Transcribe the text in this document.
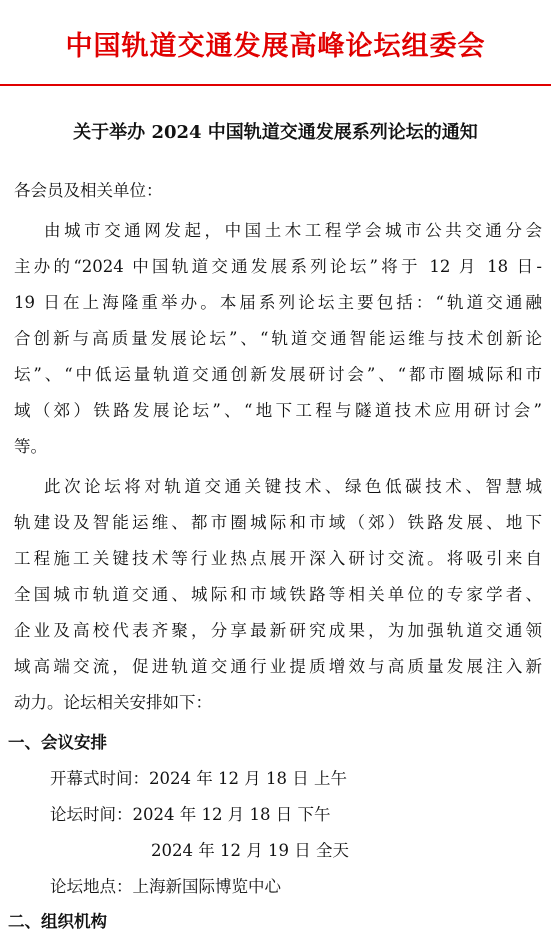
中国轨道交通发展高峰论坛组委会
关于举办 2024 中国轨道交通发展系列论坛的通知
各会员及相关单位：
由城市交通网发起，中国土木工程学会城市公共交通分会
主办的“2024 中国轨道交通发展系列论坛”将于 12 月 18 日-
19 日在上海隆重举办。本届系列论坛主要包括：“轨道交通融
合创新与高质量发展论坛”、“轨道交通智能运维与技术创新论
坛”、“中低运量轨道交通创新发展研讨会”、“都市圈城际和市
域（郊）铁路发展论坛”、“地下工程与隧道技术应用研讨会”
等。
此次论坛将对轨道交通关键技术、绿色低碳技术、智慧城
轨建设及智能运维、都市圈城际和市域（郊）铁路发展、地下
工程施工关键技术等行业热点展开深入研讨交流。将吸引来自
全国城市轨道交通、城际和市域铁路等相关单位的专家学者、
企业及高校代表齐聚，分享最新研究成果，为加强轨道交通领
域高端交流，促进轨道交通行业提质增效与高质量发展注入新
动力。论坛相关安排如下：
一、会议安排
开幕式时间：2024 年 12 月 18 日 上午
论坛时间：2024 年 12 月 18 日 下午
2024 年 12 月 19 日 全天
论坛地点：上海新国际博览中心
二、组织机构
